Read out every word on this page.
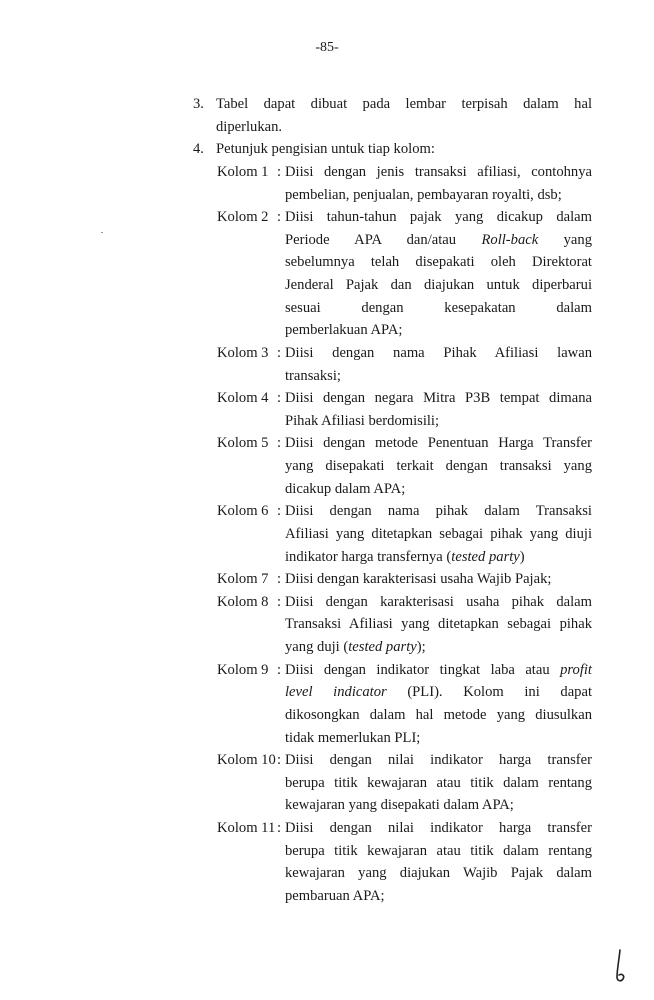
-85-
3. Tabel dapat dibuat pada lembar terpisah dalam hal
diperlukan.
4. Petunjuk pengisian untuk tiap kolom:
Kolom 1 : Diisi dengan jenis transaksi afiliasi, contohnya
pembelian, penjualan, pembayaran royalti, dsb;
Kolom 2 : Diisi tahun-tahun pajak yang dicakup dalam
Periode APA dan/atau Roll-back yang
sebelumnya telah disepakati oleh Direktorat
Jenderal Pajak dan diajukan untuk diperbarui
sesuai dengan kesepakatan dalam
pemberlakuan APA;
Kolom 3 : Diisi dengan nama Pihak Afiliasi lawan
transaksi;
Kolom 4 : Diisi dengan negara Mitra P3B tempat dimana
Pihak Afiliasi berdomisili;
Kolom 5 : Diisi dengan metode Penentuan Harga Transfer
yang disepakati terkait dengan transaksi yang
dicakup dalam APA;
Kolom 6 : Diisi dengan nama pihak dalam Transaksi
Afiliasi yang ditetapkan sebagai pihak yang diuji
indikator harga transfernya (tested party)
Kolom 7 : Diisi dengan karakterisasi usaha Wajib Pajak;
Kolom 8 : Diisi dengan karakterisasi usaha pihak dalam
Transaksi Afiliasi yang ditetapkan sebagai pihak
yang duji (tested party);
Kolom 9 : Diisi dengan indikator tingkat laba atau profit
level indicator (PLI). Kolom ini dapat
dikosongkan dalam hal metode yang diusulkan
tidak memerlukan PLI;
Kolom 10 : Diisi dengan nilai indikator harga transfer
berupa titik kewajaran atau titik dalam rentang
kewajaran yang disepakati dalam APA;
Kolom 11 : Diisi dengan nilai indikator harga transfer
berupa titik kewajaran atau titik dalam rentang
kewajaran yang diajukan Wajib Pajak dalam
pembaruan APA;
